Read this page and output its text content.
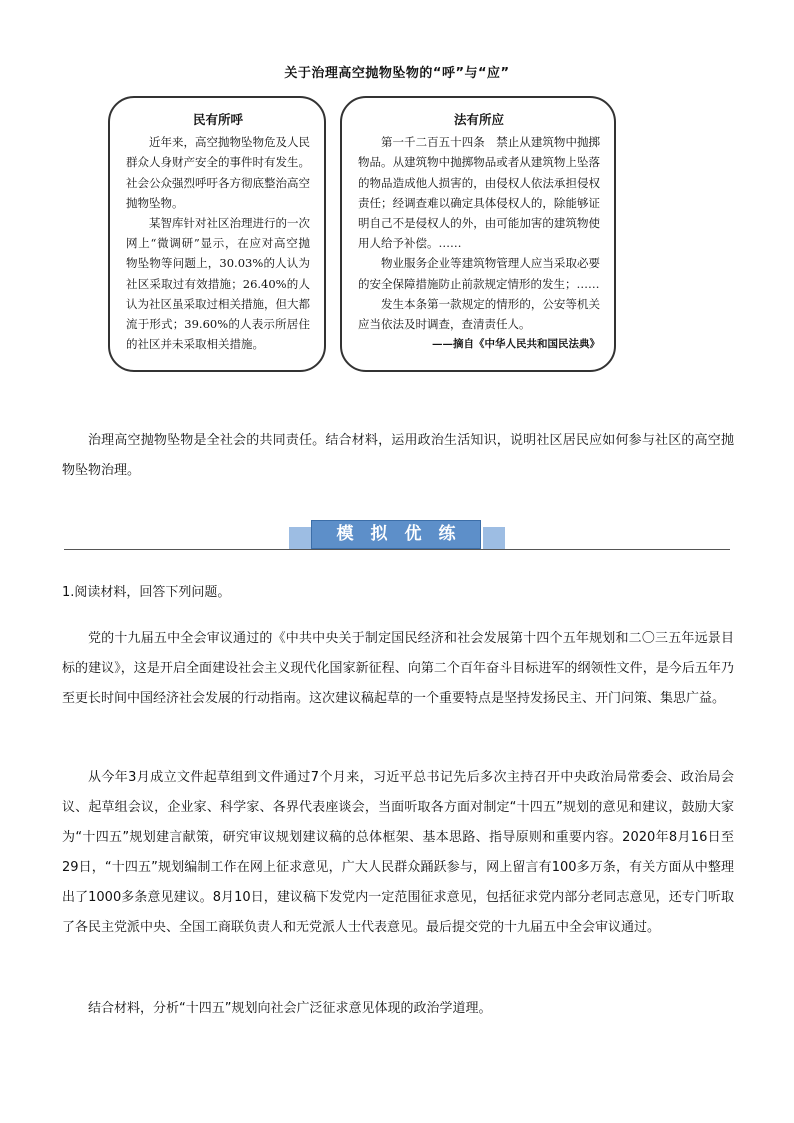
关于治理高空抛物坠物的“呼”与“应”
民有所呼

近年来，高空抛物坠物危及人民群众人身财产安全的事件时有发生。社会公众强烈呼吁各方彻底整治高空抛物坠物。

某智库针对社区治理进行的一次网上“微调研”显示，在应对高空抛物坠物等问题上，30.03%的人认为社区采取过有效措施；26.40%的人认为社区虽采取过相关措施，但大都流于形式；39.60%的人表示所居住的社区并未采取相关措施。

法有所应

第一千二百五十四条　禁止从建筑物中抛掷物品。从建筑物中抛掷物品或者从建筑物上坠落的物品造成他人损害的，由侵权人依法承担侵权责任；经调查难以确定具体侵权人的，除能够证明自己不是侵权人的外，由可能加害的建筑物使用人给予补偿。……

物业服务企业等建筑物管理人应当采取必要的安全保障措施防止前款规定情形的发生；……

发生本条第一款规定的情形的，公安等机关应当依法及时调查，查清责任人。

——摘自《中华人民共和国民法典》

治理高空抛物坠物是全社会的共同责任。结合材料，运用政治生活知识，说明社区居民应如何参与社区的高空抛物坠物治理。

模拟优练

1.阅读材料，回答下列问题。

党的十九届五中全会审议通过的《中共中央关于制定国民经济和社会发展第十四个五年规划和二〇三五年远景目标的建议》，这是开启全面建设社会主义现代化国家新征程、向第二个百年奋斗目标进军的纲领性文件，是今后五年乃至更长时间中国经济社会发展的行动指南。这次建议稿起草的一个重要特点是坚持发扬民主、开门问策、集思广益。

从今年3月成立文件起草组到文件通过7个月来，习近平总书记先后多次主持召开中央政治局常委会、政治局会议、起草组会议，企业家、科学家、各界代表座谈会，当面听取各方面对制定“十四五”规划的意见和建议，鼓励大家为“十四五”规划建言献策，研究审议规划建议稿的总体框架、基本思路、指导原则和重要内容。2020年8月16日至29日，“十四五”规划编制工作在网上征求意见，广大人民群众踊跃参与，网上留言有100多万条，有关方面从中整理出了1000多条意见建议。8月10日，建议稿下发党内一定范围征求意见，包括征求党内部分老同志意见，还专门听取了各民主党派中央、全国工商联负责人和无党派人士代表意见。最后提交党的十九届五中全会审议通过。

结合材料，分析“十四五”规划向社会广泛征求意见体现的政治学道理。
